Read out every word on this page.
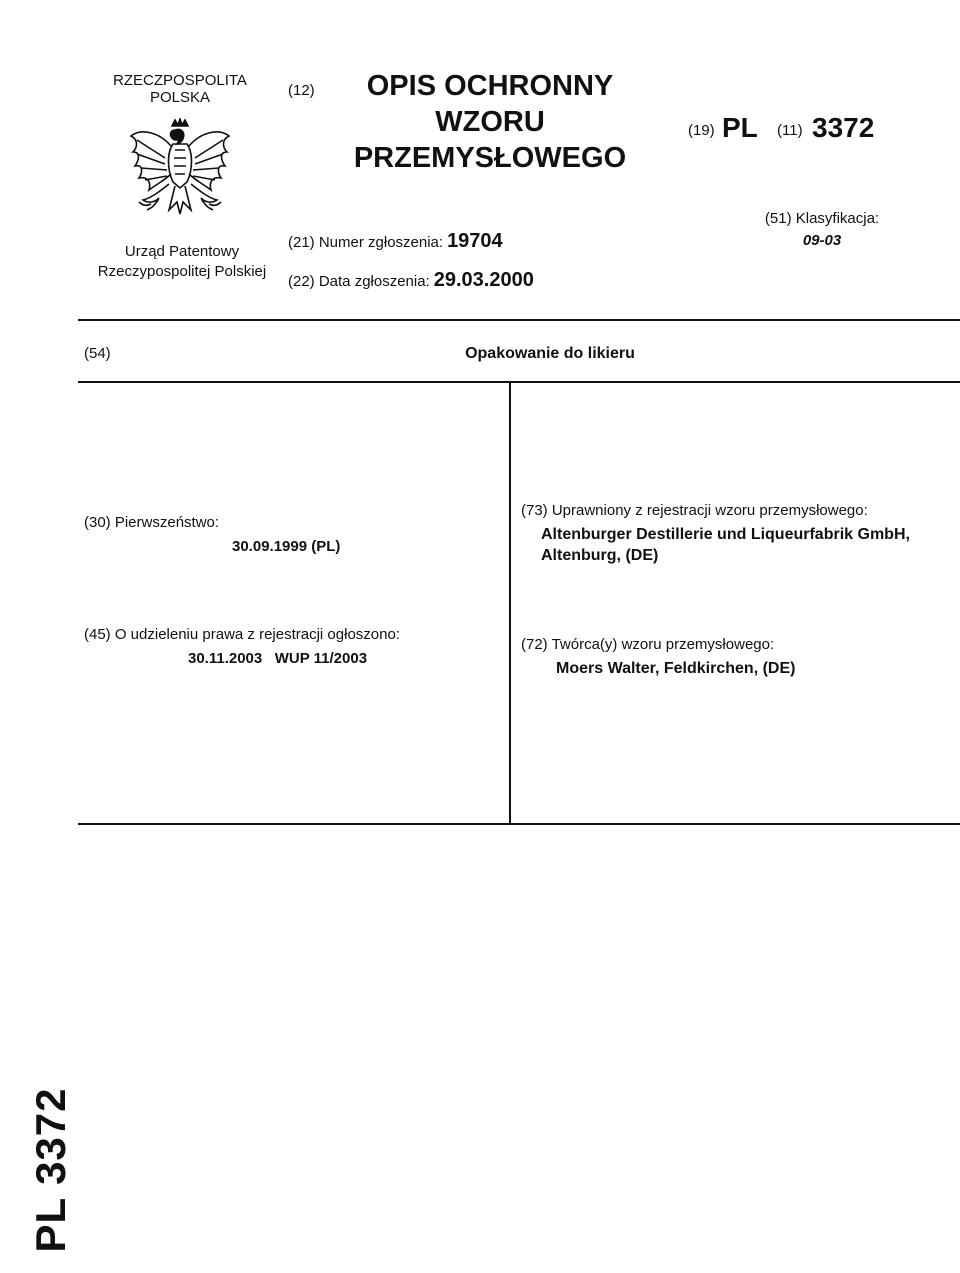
RZECZPOSPOLITA
POLSKA
Urząd Patentowy
Rzeczypospolitej Polskiej
(12)	OPIS OCHRONNY
WZORU
PRZEMYSŁOWEGO
(19) PL (11) 3372
(21) Numer zgłoszenia: 19704
(22) Data zgłoszenia: 29.03.2000
(51) Klasyfikacja:
09-03
(54)	Opakowanie do likieru
(30) Pierwszeństwo:
30.09.1999 (PL)
(73) Uprawniony z rejestracji wzoru przemysłowego:
Altenburger Destillerie und Liqueurfabrik GmbH,
Altenburg, (DE)
(45) O udzieleniu prawa z rejestracji ogłoszono:
30.11.2003   WUP 11/2003
(72) Twórca(y) wzoru przemysłowego:
Moers Walter, Feldkirchen, (DE)
PL 3372
